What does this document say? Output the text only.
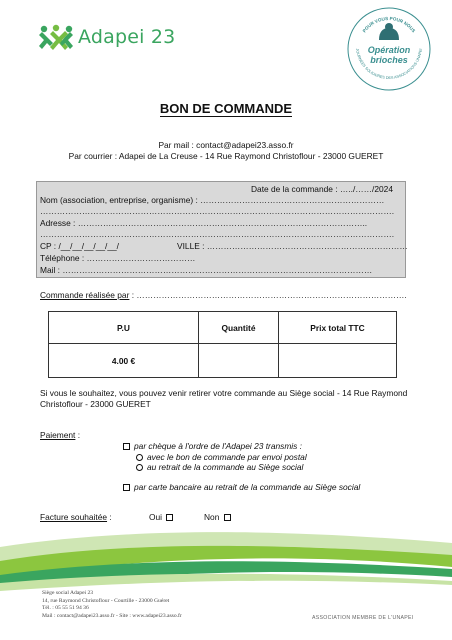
Adapei 23	POUR VOUS POUR NOUS
JOURNÉES SOLIDAIRES DES ASSOCIATIONS UNAPEI
Opération
brioches
BON DE COMMANDE
Par mail : contact@adapei23.asso.fr
Par courrier : Adapei de La Creuse - 14 Rue Raymond Christoflour - 23000 GUERET
Date de la commande : …../……/2024
Nom (association, entreprise, organisme) : …………………………………………………………
……………………………………………………………………………………………………………….
Adresse : …………………………………………………………………………………………..
……………………………………………………………………………………………………………….
CP : /__/__/__/__/__/	VILLE : ………………………………………………………………
Téléphone : …………………………………
Mail : …………………………………………………………………………………………………
Commande réalisée par : …………………………………………………………………………………….
P.U	Quantité	Prix total TTC
4.00 €		
Si vous le souhaitez, vous pouvez venir retirer votre commande au Siège social - 14 Rue Raymond Christoflour - 23000 GUERET
Paiement :
par chèque à l'ordre de l'Adapei 23 transmis :
avec le bon de commande par envoi postal
au retrait de la commande au Siège social
par carte bancaire au retrait de la commande au Siège social
Facture souhaitée :	Oui	Non
Siège social Adapei 23
14, rue Raymond Christoflour - Courtille - 23000 Guéret
Tél. : 05 55 51 94 36
Mail : contact@adapei23.asso.fr - Site : www.adapei23.asso.fr	ASSOCIATION MEMBRE DE L'UNAPEI
